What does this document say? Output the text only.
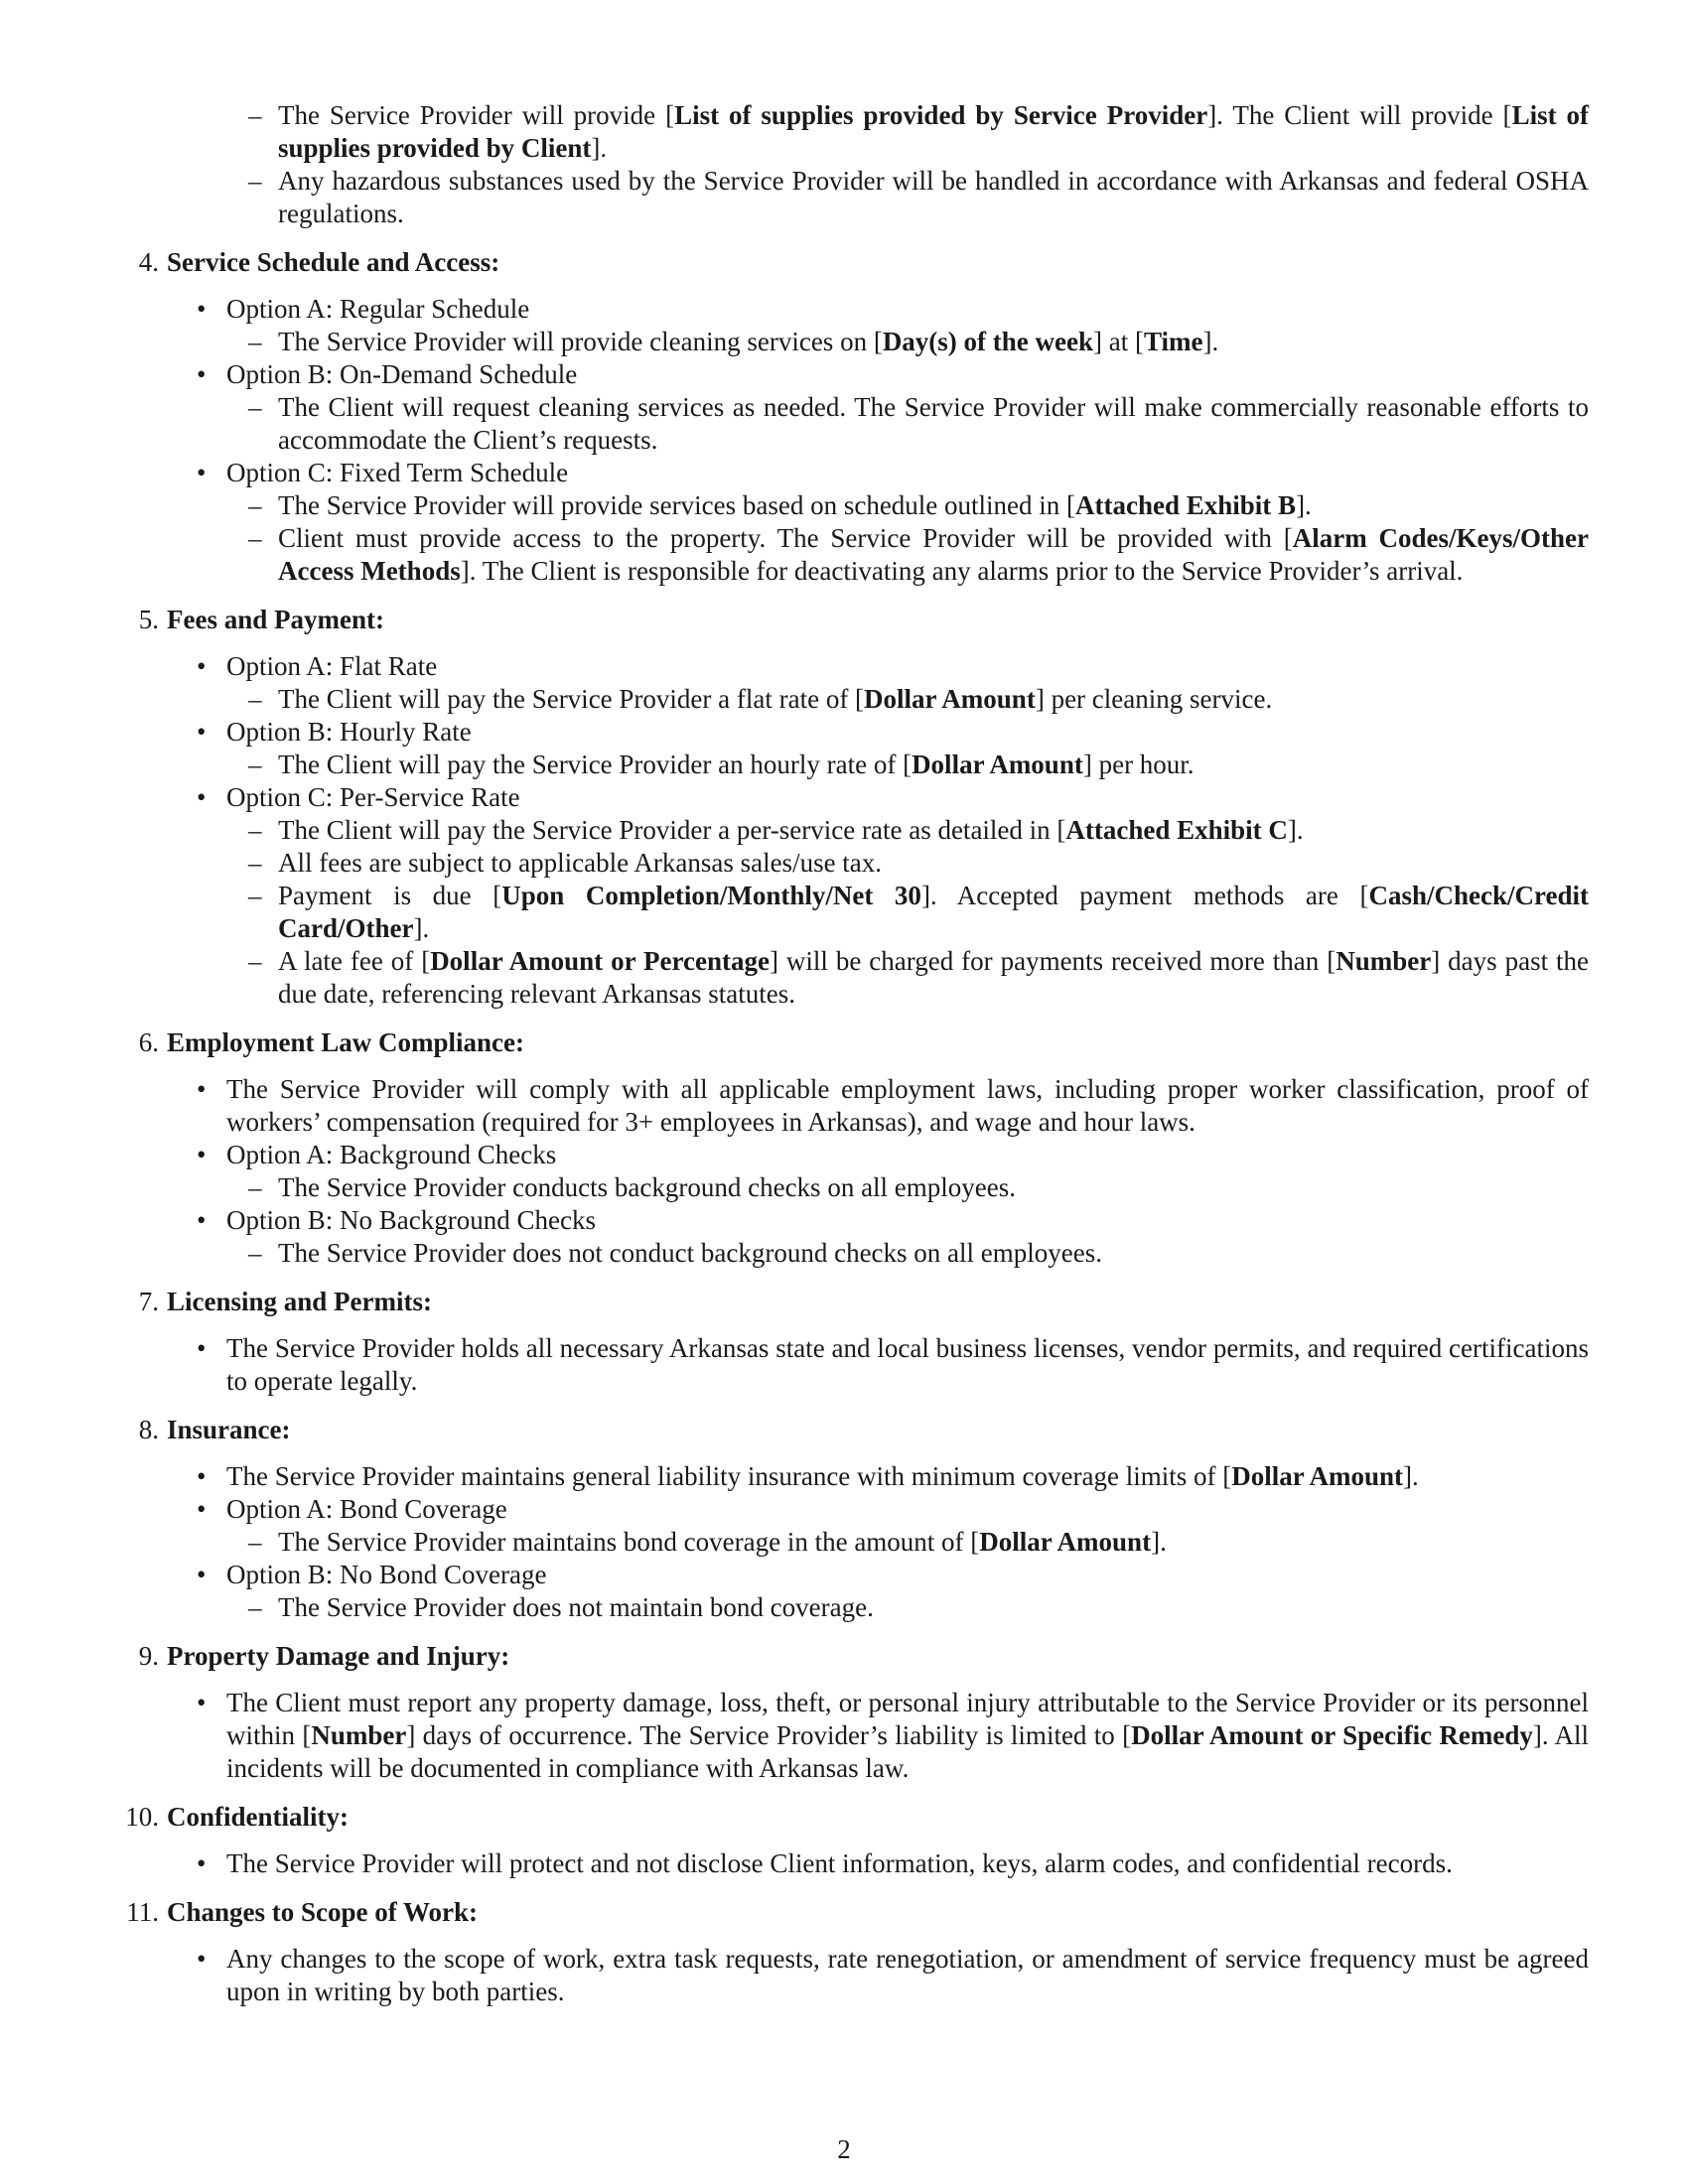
– The Service Provider will provide [List of supplies provided by Service Provider]. The Client will provide [List of supplies provided by Client].
– Any hazardous substances used by the Service Provider will be handled in accordance with Arkansas and federal OSHA regulations.
4. Service Schedule and Access:
• Option A: Regular Schedule
– The Service Provider will provide cleaning services on [Day(s) of the week] at [Time].
• Option B: On-Demand Schedule
– The Client will request cleaning services as needed. The Service Provider will make commercially reasonable efforts to accommodate the Client’s requests.
• Option C: Fixed Term Schedule
– The Service Provider will provide services based on schedule outlined in [Attached Exhibit B].
– Client must provide access to the property. The Service Provider will be provided with [Alarm Codes/Keys/Other Access Methods]. The Client is responsible for deactivating any alarms prior to the Service Provider’s arrival.
5. Fees and Payment:
• Option A: Flat Rate
– The Client will pay the Service Provider a flat rate of [Dollar Amount] per cleaning service.
• Option B: Hourly Rate
– The Client will pay the Service Provider an hourly rate of [Dollar Amount] per hour.
• Option C: Per-Service Rate
– The Client will pay the Service Provider a per-service rate as detailed in [Attached Exhibit C].
– All fees are subject to applicable Arkansas sales/use tax.
– Payment is due [Upon Completion/Monthly/Net 30]. Accepted payment methods are [Cash/Check/Credit Card/Other].
– A late fee of [Dollar Amount or Percentage] will be charged for payments received more than [Number] days past the due date, referencing relevant Arkansas statutes.
6. Employment Law Compliance:
• The Service Provider will comply with all applicable employment laws, including proper worker classification, proof of workers’ compensation (required for 3+ employees in Arkansas), and wage and hour laws.
• Option A: Background Checks
– The Service Provider conducts background checks on all employees.
• Option B: No Background Checks
– The Service Provider does not conduct background checks on all employees.
7. Licensing and Permits:
• The Service Provider holds all necessary Arkansas state and local business licenses, vendor permits, and required certifications to operate legally.
8. Insurance:
• The Service Provider maintains general liability insurance with minimum coverage limits of [Dollar Amount].
• Option A: Bond Coverage
– The Service Provider maintains bond coverage in the amount of [Dollar Amount].
• Option B: No Bond Coverage
– The Service Provider does not maintain bond coverage.
9. Property Damage and Injury:
• The Client must report any property damage, loss, theft, or personal injury attributable to the Service Provider or its personnel within [Number] days of occurrence. The Service Provider’s liability is limited to [Dollar Amount or Specific Remedy]. All incidents will be documented in compliance with Arkansas law.
10. Confidentiality:
• The Service Provider will protect and not disclose Client information, keys, alarm codes, and confidential records.
11. Changes to Scope of Work:
• Any changes to the scope of work, extra task requests, rate renegotiation, or amendment of service frequency must be agreed upon in writing by both parties.
2
